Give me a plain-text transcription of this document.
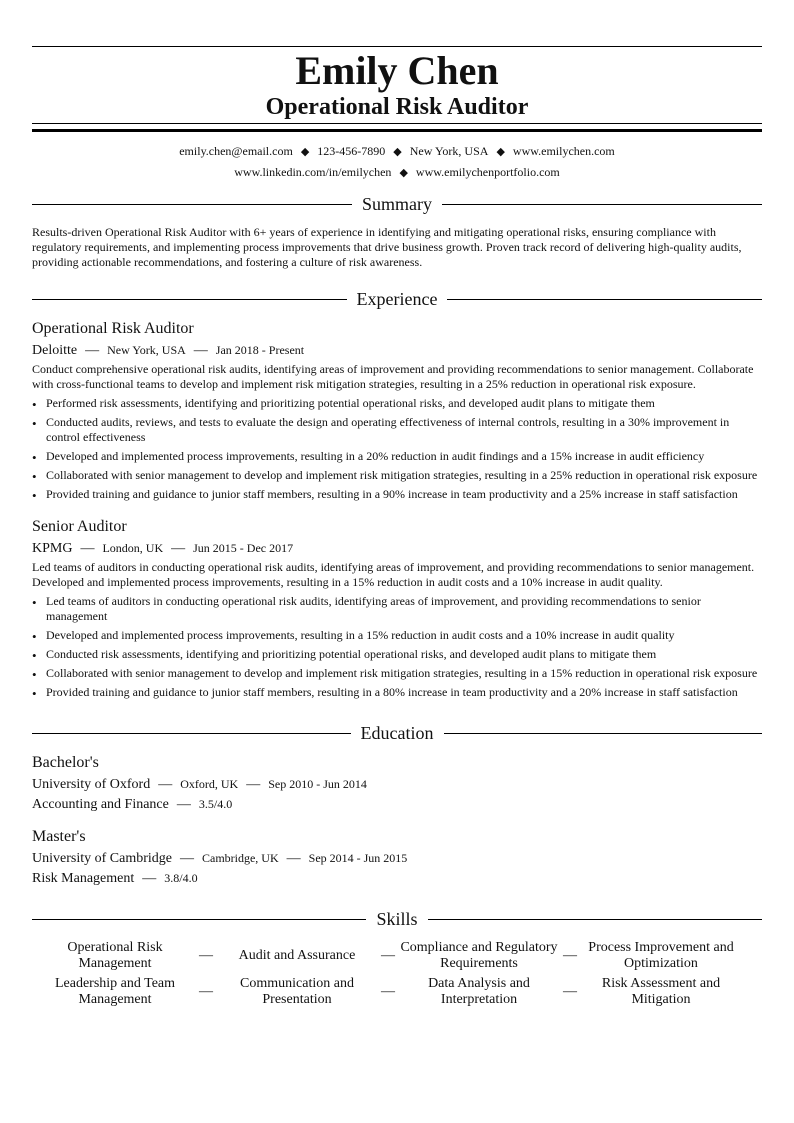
Emily Chen
Operational Risk Auditor
emily.chen@email.com ◆ 123-456-7890 ◆ New York, USA ◆ www.emilychen.com
www.linkedin.com/in/emilychen ◆ www.emilychenportfolio.com
Summary
Results-driven Operational Risk Auditor with 6+ years of experience in identifying and mitigating operational risks, ensuring compliance with regulatory requirements, and implementing process improvements that drive business growth. Proven track record of delivering high-quality audits, providing actionable recommendations, and fostering a culture of risk awareness.
Experience
Operational Risk Auditor
Deloitte — New York, USA — Jan 2018 - Present
Conduct comprehensive operational risk audits, identifying areas of improvement and providing recommendations to senior management. Collaborate with cross-functional teams to develop and implement risk mitigation strategies, resulting in a 25% reduction in operational risk exposure.
• Performed risk assessments, identifying and prioritizing potential operational risks, and developed audit plans to mitigate them
• Conducted audits, reviews, and tests to evaluate the design and operating effectiveness of internal controls, resulting in a 30% improvement in control effectiveness
• Developed and implemented process improvements, resulting in a 20% reduction in audit findings and a 15% increase in audit efficiency
• Collaborated with senior management to develop and implement risk mitigation strategies, resulting in a 25% reduction in operational risk exposure
• Provided training and guidance to junior staff members, resulting in a 90% increase in team productivity and a 25% increase in staff satisfaction
Senior Auditor
KPMG — London, UK — Jun 2015 - Dec 2017
Led teams of auditors in conducting operational risk audits, identifying areas of improvement, and providing recommendations to senior management. Developed and implemented process improvements, resulting in a 15% reduction in audit costs and a 10% increase in audit quality.
• Led teams of auditors in conducting operational risk audits, identifying areas of improvement, and providing recommendations to senior management
• Developed and implemented process improvements, resulting in a 15% reduction in audit costs and a 10% increase in audit quality
• Conducted risk assessments, identifying and prioritizing potential operational risks, and developed audit plans to mitigate them
• Collaborated with senior management to develop and implement risk mitigation strategies, resulting in a 15% reduction in operational risk exposure
• Provided training and guidance to junior staff members, resulting in a 80% increase in team productivity and a 20% increase in staff satisfaction
Education
Bachelor's
University of Oxford — Oxford, UK — Sep 2010 - Jun 2014
Accounting and Finance — 3.5/4.0
Master's
University of Cambridge — Cambridge, UK — Sep 2014 - Jun 2015
Risk Management — 3.8/4.0
Skills
Operational Risk Management
—	Audit and Assurance	—
Compliance and Regulatory Requirements
—
Process Improvement and Optimization
Leadership and Team Management
—
Communication and Presentation
—
Data Analysis and Interpretation
—
Risk Assessment and Mitigation
